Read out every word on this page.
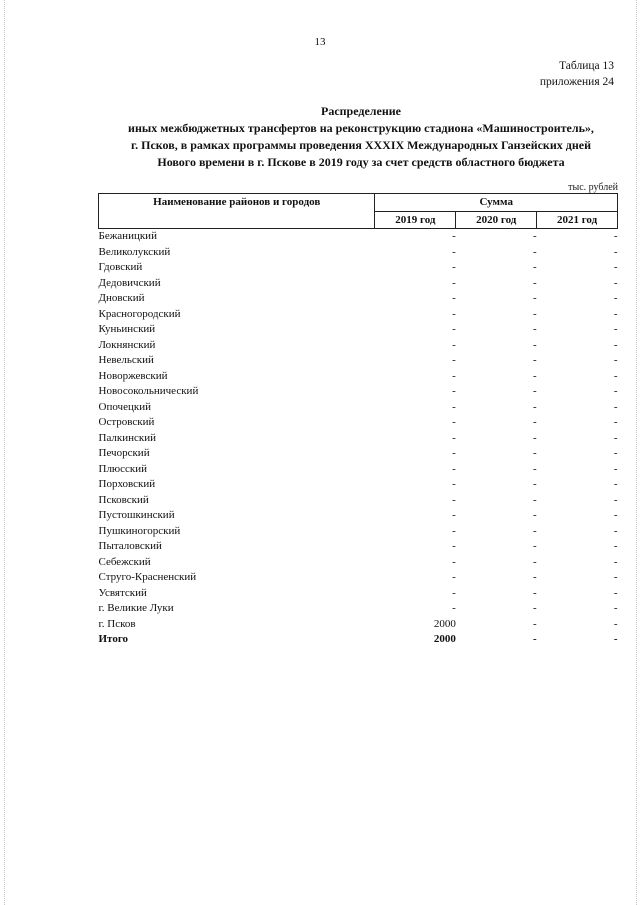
13
Таблица 13
приложения 24
Распределение
иных межбюджетных трансфертов на реконструкцию стадиона «Машиностроитель»,
г. Псков, в рамках программы проведения XXXIX Международных Ганзейских дней
Нового времени в г. Пскове в 2019 году за счет средств областного бюджета
тыс. рублей
Наименование районов и городов	Сумма		
	2019 год	2020 год	2021 год
Бежаницкий	-	-	-
Великолукский	-	-	-
Гдовский	-	-	-
Дедовичский	-	-	-
Дновский	-	-	-
Красногородский	-	-	-
Куньинский	-	-	-
Локнянский	-	-	-
Невельский	-	-	-
Новоржевский	-	-	-
Новосокольнический	-	-	-
Опочецкий	-	-	-
Островский	-	-	-
Палкинский	-	-	-
Печорский	-	-	-
Плюсский	-	-	-
Порховский	-	-	-
Псковский	-	-	-
Пустошкинский	-	-	-
Пушкиногорский	-	-	-
Пыталовский	-	-	-
Себежский	-	-	-
Струго-Красненский	-	-	-
Усвятский	-	-	-
г. Великие Луки	-	-	-
г. Псков	2000	-	-
Итого	2000	-	-
